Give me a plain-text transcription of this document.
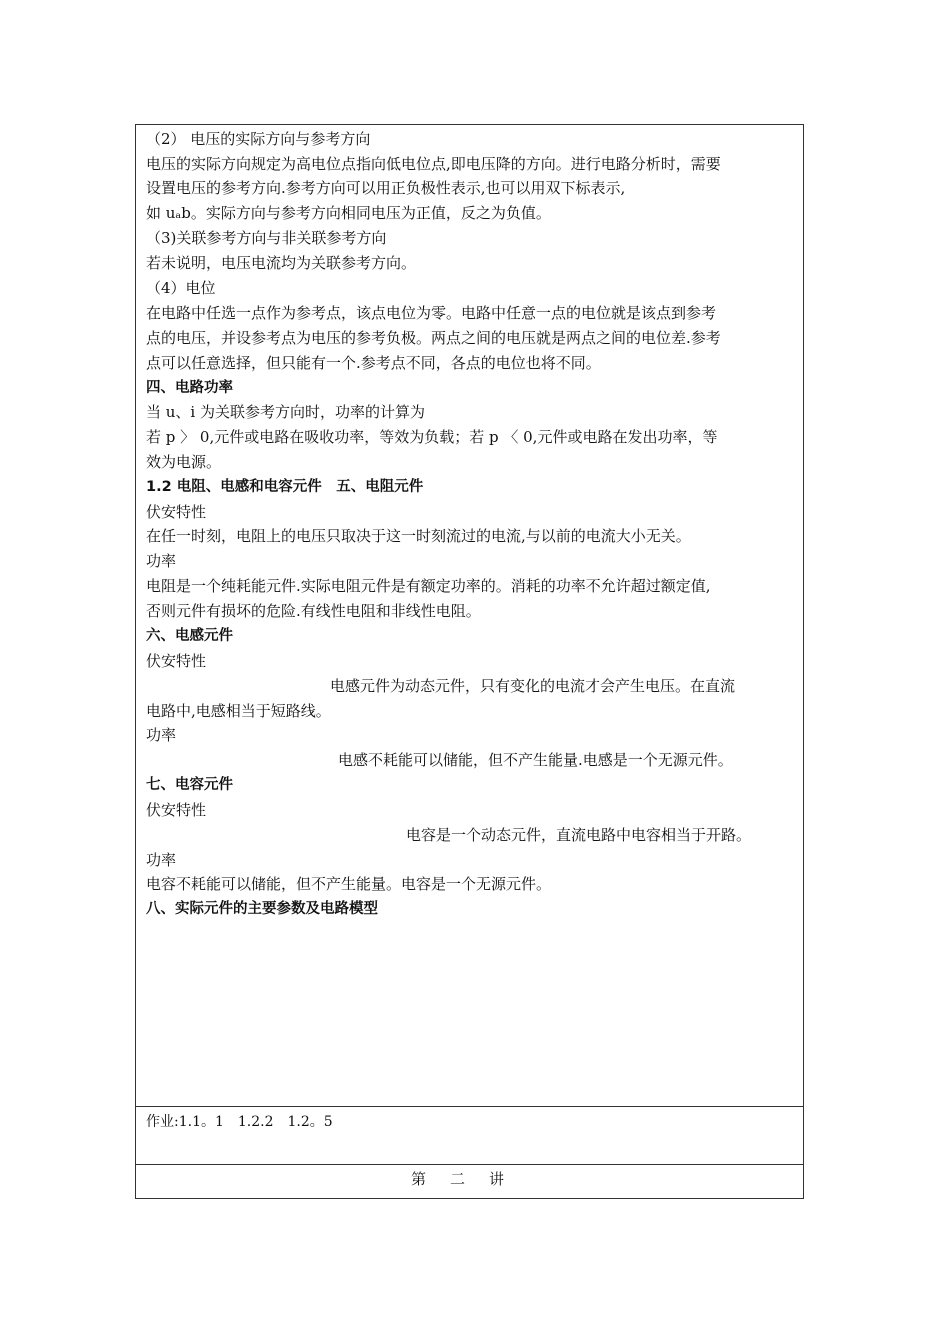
（2） 电压的实际方向与参考方向
电压的实际方向规定为高电位点指向低电位点,即电压降的方向。进行电路分析时，需要
设置电压的参考方向.参考方向可以用正负极性表示,也可以用双下标表示,
如 uₐb。实际方向与参考方向相同电压为正值，反之为负值。
（3)关联参考方向与非关联参考方向
若未说明，电压电流均为关联参考方向。
（4）电位
在电路中任选一点作为参考点，该点电位为零。电路中任意一点的电位就是该点到参考
点的电压，并设参考点为电压的参考负极。两点之间的电压就是两点之间的电位差.参考
点可以任意选择，但只能有一个.参考点不同，各点的电位也将不同。
四、电路功率
当 u、i 为关联参考方向时，功率的计算为
若 p 〉 0,元件或电路在吸收功率，等效为负载；若 p 〈 0,元件或电路在发出功率，等
效为电源。
1.2 电阻、电感和电容元件　五、电阻元件
伏安特性
在任一时刻，电阻上的电压只取决于这一时刻流过的电流,与以前的电流大小无关。
功率
电阻是一个纯耗能元件.实际电阻元件是有额定功率的。消耗的功率不允许超过额定值,
否则元件有损坏的危险.有线性电阻和非线性电阻。
六、电感元件
伏安特性
电感元件为动态元件，只有变化的电流才会产生电压。在直流
电路中,电感相当于短路线。
功率
电感不耗能可以储能，但不产生能量.电感是一个无源元件。
七、电容元件
伏安特性
电容是一个动态元件，直流电路中电容相当于开路。
功率
电容不耗能可以储能，但不产生能量。电容是一个无源元件。
八、实际元件的主要参数及电路模型
作业:1.1。1　1.2.2　1.2。5
第二讲
